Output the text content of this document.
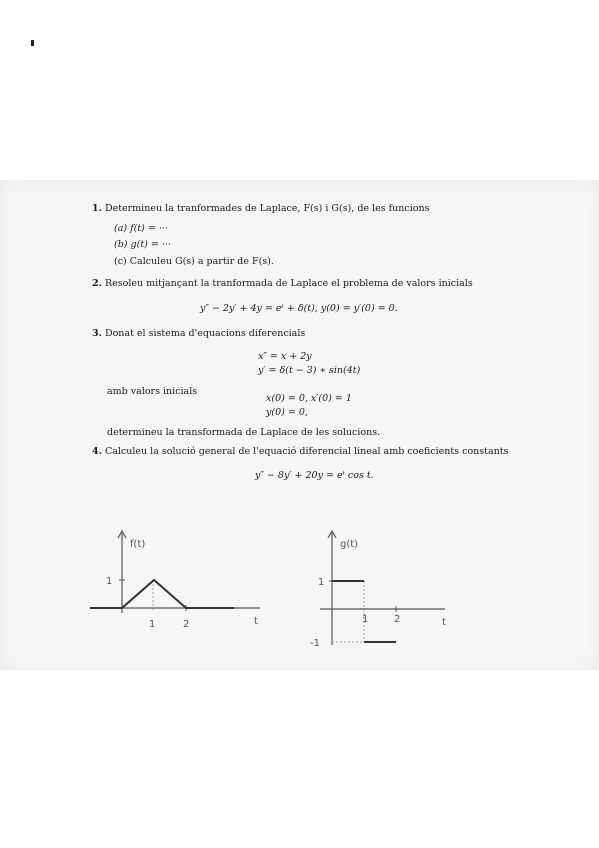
1. Determineu la tranformades de Laplace, F(s) i G(s), de les funcions
(a) f(t) = ···
(b) g(t) = ···
(c) Calculeu G(s) a partir de F(s).
2. Resoleu mitjançant la tranformada de Laplace el problema de valors inicials
y″ − 2y′ + 4y = eᵗ + δ(t), y(0) = y′(0) = 0.
3. Donat el sistema d'equacions diferencials
x″ = x + 2y
y′ = δ(t − 3) ∗ sin(4t)
amb valors inicials
x(0) = 0, x′(0) = 1
y(0) = 0,
determineu la transformada de Laplace de les solucions.
4. Calculeu la solució general de l'equació diferencial lineal amb coeficients constants
y″ − 8y′ + 20y = eᵗ cos t.
f(t)
1
1	2	t
g(t)
1
-1
1	2	t
